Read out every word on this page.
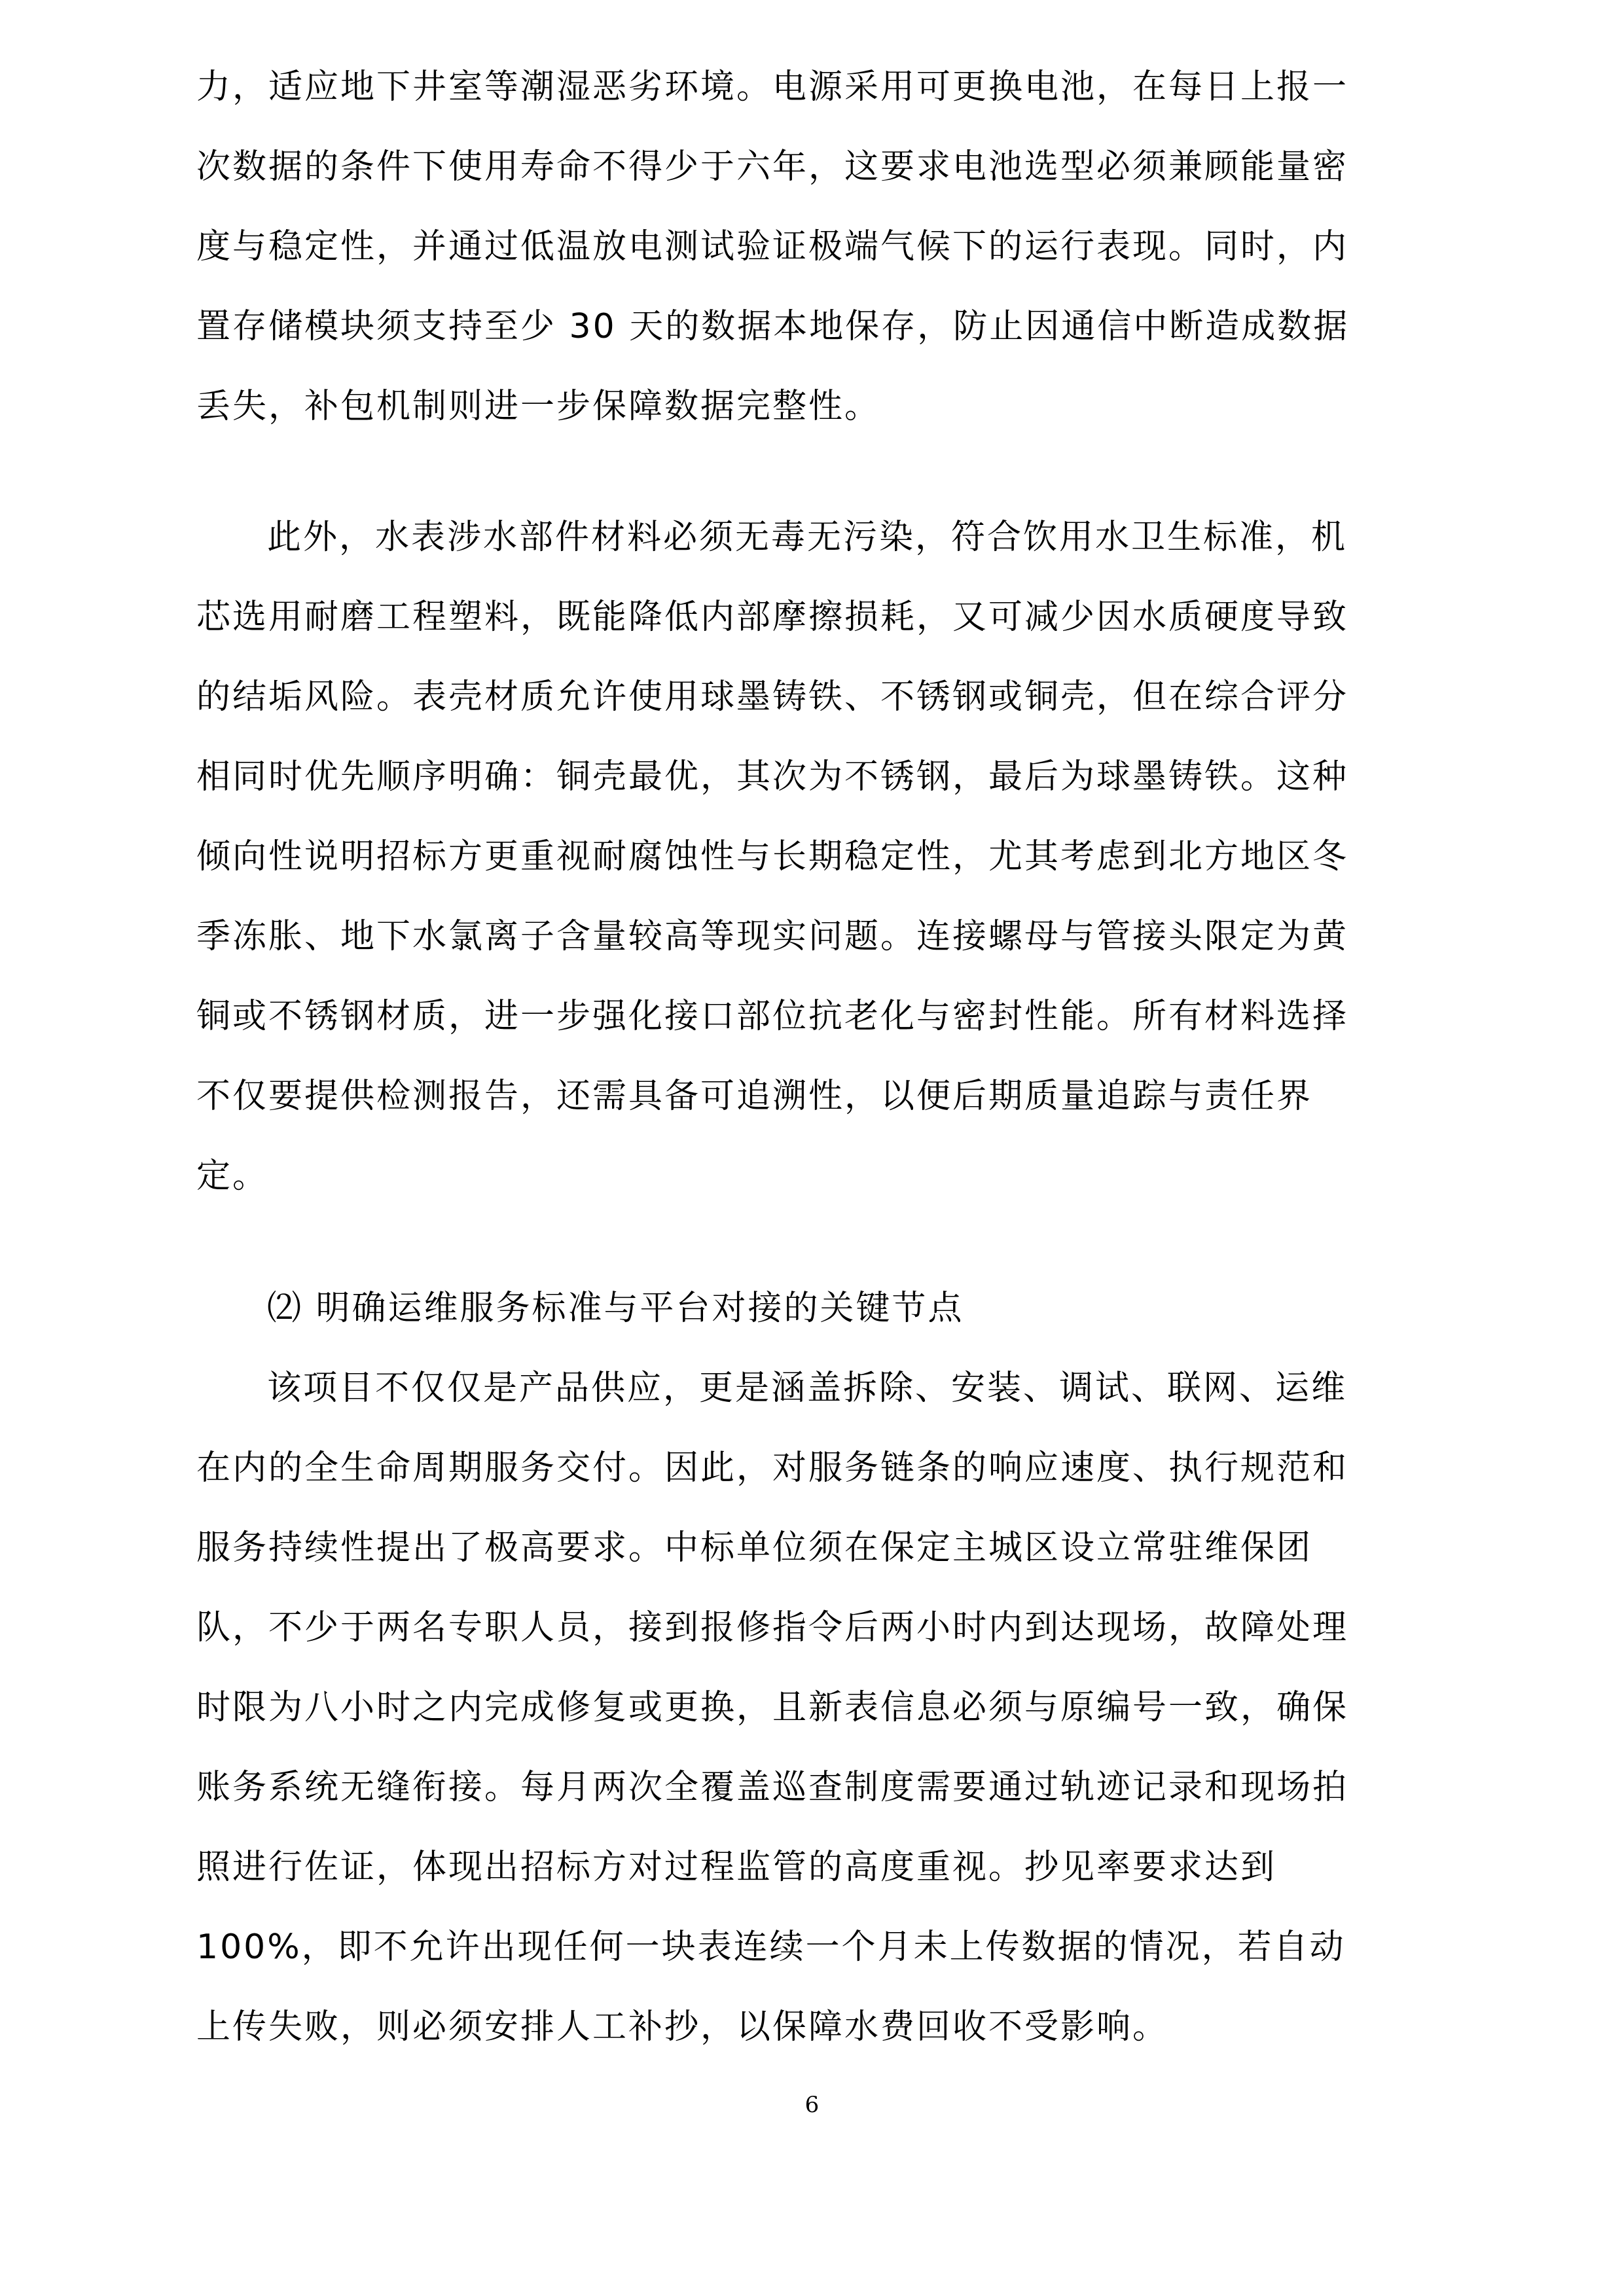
力，适应地下井室等潮湿恶劣环境。电源采用可更换电池，在每日上报一
次数据的条件下使用寿命不得少于六年，这要求电池选型必须兼顾能量密
度与稳定性，并通过低温放电测试验证极端气候下的运行表现。同时，内
置存储模块须支持至少 30 天的数据本地保存，防止因通信中断造成数据
丢失，补包机制则进一步保障数据完整性。
此外，水表涉水部件材料必须无毒无污染，符合饮用水卫生标准，机
芯选用耐磨工程塑料，既能降低内部摩擦损耗，又可减少因水质硬度导致
的结垢风险。表壳材质允许使用球墨铸铁、不锈钢或铜壳，但在综合评分
相同时优先顺序明确：铜壳最优，其次为不锈钢，最后为球墨铸铁。这种
倾向性说明招标方更重视耐腐蚀性与长期稳定性，尤其考虑到北方地区冬
季冻胀、地下水氯离子含量较高等现实问题。连接螺母与管接头限定为黄
铜或不锈钢材质，进一步强化接口部位抗老化与密封性能。所有材料选择
不仅要提供检测报告，还需具备可追溯性，以便后期质量追踪与责任界
定。
⑵ 明确运维服务标准与平台对接的关键节点
该项目不仅仅是产品供应，更是涵盖拆除、安装、调试、联网、运维
在内的全生命周期服务交付。因此，对服务链条的响应速度、执行规范和
服务持续性提出了极高要求。中标单位须在保定主城区设立常驻维保团
队，不少于两名专职人员，接到报修指令后两小时内到达现场，故障处理
时限为八小时之内完成修复或更换，且新表信息必须与原编号一致，确保
账务系统无缝衔接。每月两次全覆盖巡查制度需要通过轨迹记录和现场拍
照进行佐证，体现出招标方对过程监管的高度重视。抄见率要求达到
100%，即不允许出现任何一块表连续一个月未上传数据的情况，若自动
上传失败，则必须安排人工补抄，以保障水费回收不受影响。
6
